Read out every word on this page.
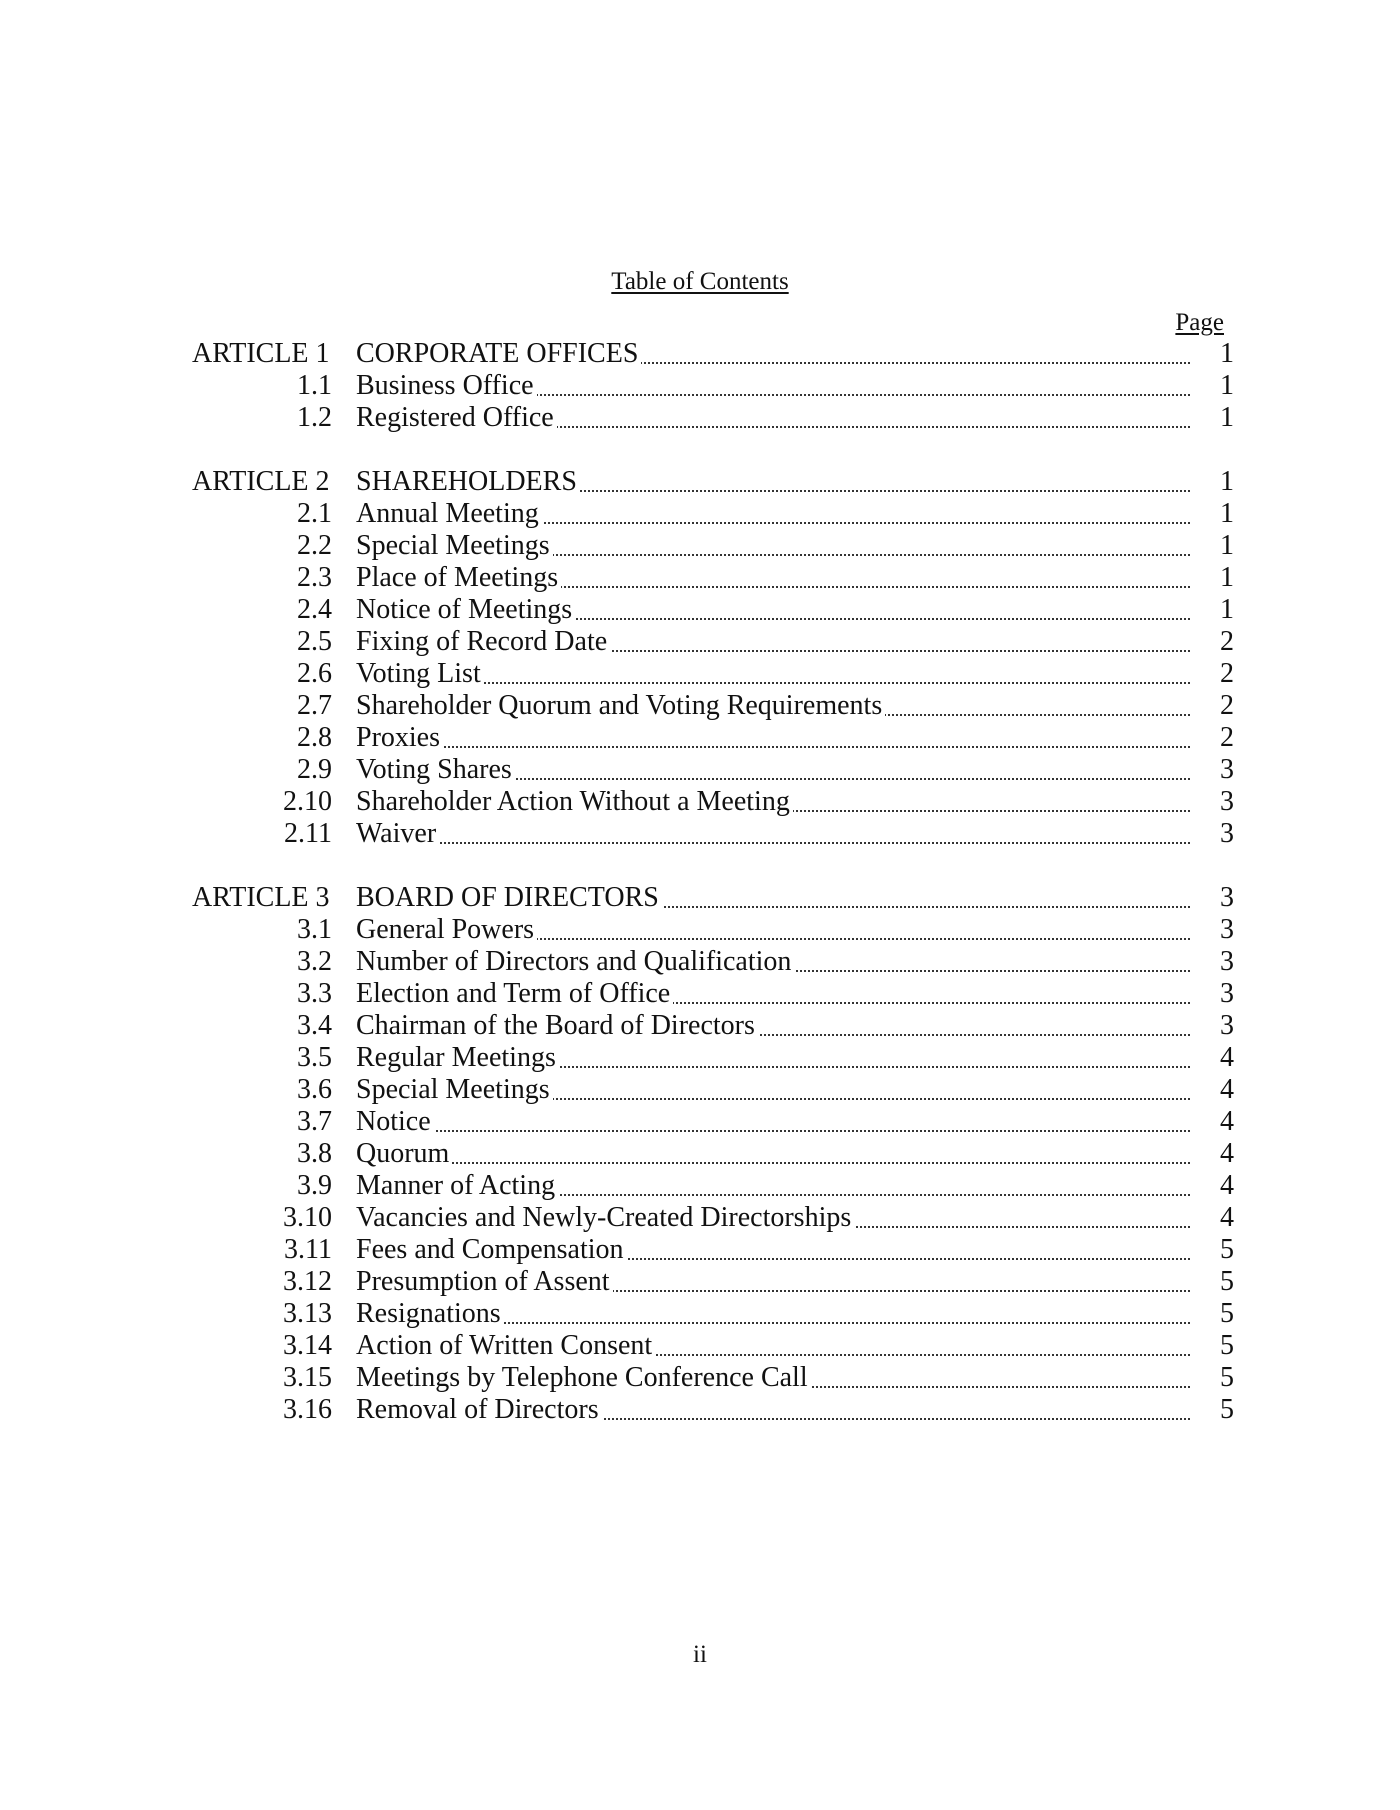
Table of Contents
Page
ARTICLE 1 CORPORATE OFFICES	1
1.1 Business Office	1
1.2 Registered Office	1
ARTICLE 2 SHAREHOLDERS	1
2.1 Annual Meeting	1
2.2 Special Meetings	1
2.3 Place of Meetings	1
2.4 Notice of Meetings	1
2.5 Fixing of Record Date	2
2.6 Voting List	2
2.7 Shareholder Quorum and Voting Requirements	2
2.8 Proxies	2
2.9 Voting Shares	3
2.10 Shareholder Action Without a Meeting	3
2.11 Waiver	3
ARTICLE 3 BOARD OF DIRECTORS	3
3.1 General Powers	3
3.2 Number of Directors and Qualification	3
3.3 Election and Term of Office	3
3.4 Chairman of the Board of Directors	3
3.5 Regular Meetings	4
3.6 Special Meetings	4
3.7 Notice	4
3.8 Quorum	4
3.9 Manner of Acting	4
3.10 Vacancies and Newly-Created Directorships	4
3.11 Fees and Compensation	5
3.12 Presumption of Assent	5
3.13 Resignations	5
3.14 Action of Written Consent	5
3.15 Meetings by Telephone Conference Call	5
3.16 Removal of Directors	5
ii
